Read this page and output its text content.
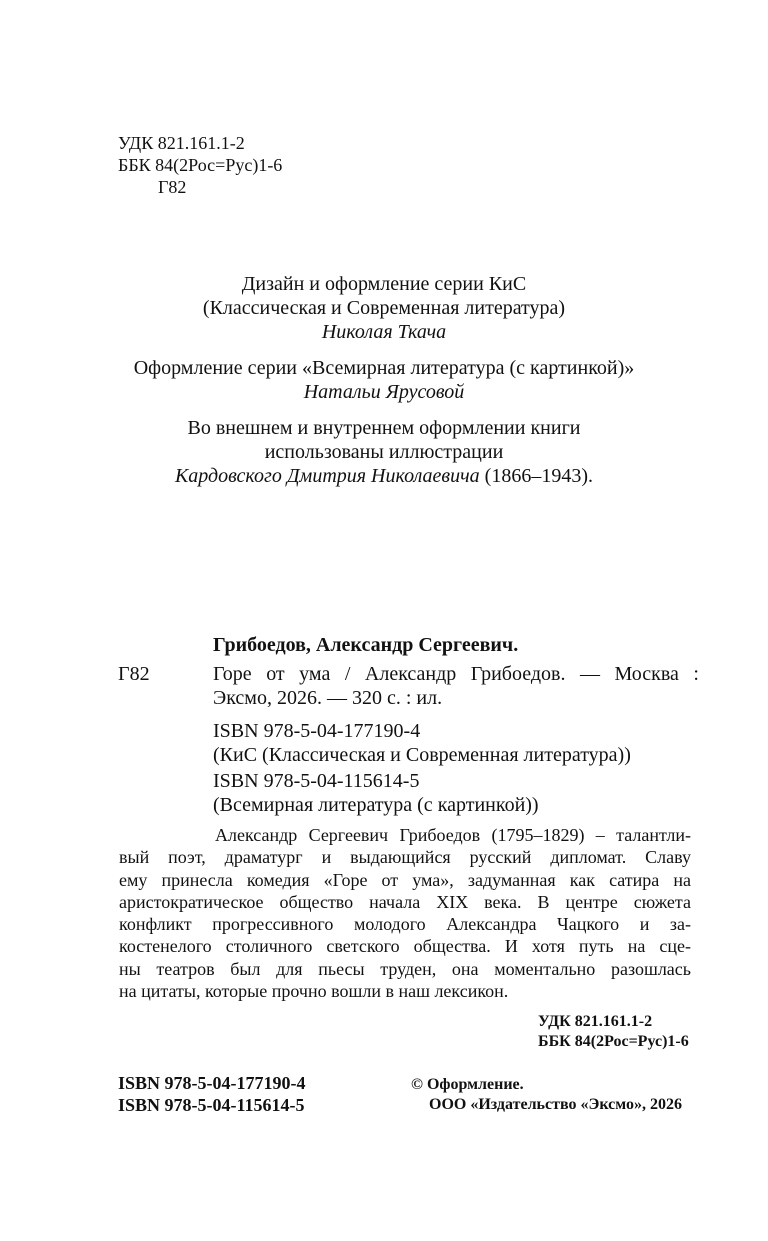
УДК 821.161.1-2
ББК 84(2Рос=Рус)1-6
Г82
Дизайн и оформление серии КиС
(Классическая и Современная литература)
Николая Ткача
Оформление серии «Всемирная литература (с картинкой)»
Натальи Ярусовой
Во внешнем и внутреннем оформлении книги
использованы иллюстрации
Кардовского Дмитрия Николаевича (1866–1943).
Грибоедов, Александр Сергеевич.
Г82	Горе от ума / Александр Грибоедов. — Москва :
Эксмо, 2026. — 320 с. : ил.
ISBN 978-5-04-177190-4
(КиС (Классическая и Современная литература))
ISBN 978-5-04-115614-5
(Всемирная литература (с картинкой))
Александр Сергеевич Грибоедов (1795–1829) – талантли-
вый поэт, драматург и выдающийся русский дипломат. Славу
ему принесла комедия «Горе от ума», задуманная как сатира на
аристократическое общество начала XIX века. В центре сюжета
конфликт прогрессивного молодого Александра Чацкого и за-
костенелого столичного светского общества. И хотя путь на сце-
ны театров был для пьесы труден, она моментально разошлась
на цитаты, которые прочно вошли в наш лексикон.
УДК 821.161.1-2
ББК 84(2Рос=Рус)1-6
ISBN 978-5-04-177190-4
ISBN 978-5-04-115614-5
© Оформление.
ООО «Издательство «Эксмо», 2026
